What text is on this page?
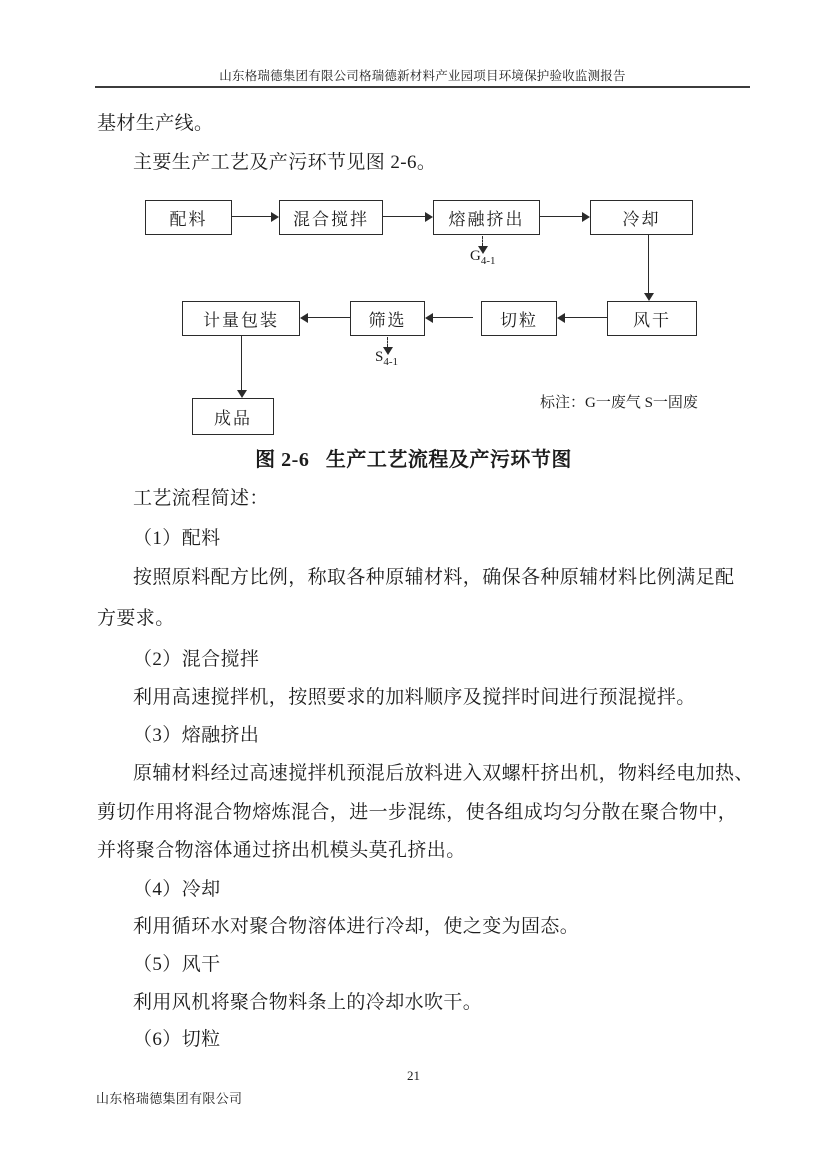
山东格瑞德集团有限公司格瑞德新材料产业园项目环境保护验收监测报告
基材生产线。
主要生产工艺及产污环节见图 2-6。
配料	混合搅拌	熔融挤出	冷却
$G_{4-1}$
计量包装	筛选	切粒	风干
$S_{4-1}$
成品
标注：G一废气 S一固废
图 2-6   生产工艺流程及产污环节图
工艺流程简述：
（1）配料
按照原料配方比例，称取各种原辅材料，确保各种原辅材料比例满足配
方要求。
（2）混合搅拌
利用高速搅拌机，按照要求的加料顺序及搅拌时间进行预混搅拌。
（3）熔融挤出
原辅材料经过高速搅拌机预混后放料进入双螺杆挤出机，物料经电加热、
剪切作用将混合物熔炼混合，进一步混练，使各组成均匀分散在聚合物中，
并将聚合物溶体通过挤出机模头莫孔挤出。
（4）冷却
利用循环水对聚合物溶体进行冷却，使之变为固态。
（5）风干
利用风机将聚合物料条上的冷却水吹干。
（6）切粒
21
山东格瑞德集团有限公司
